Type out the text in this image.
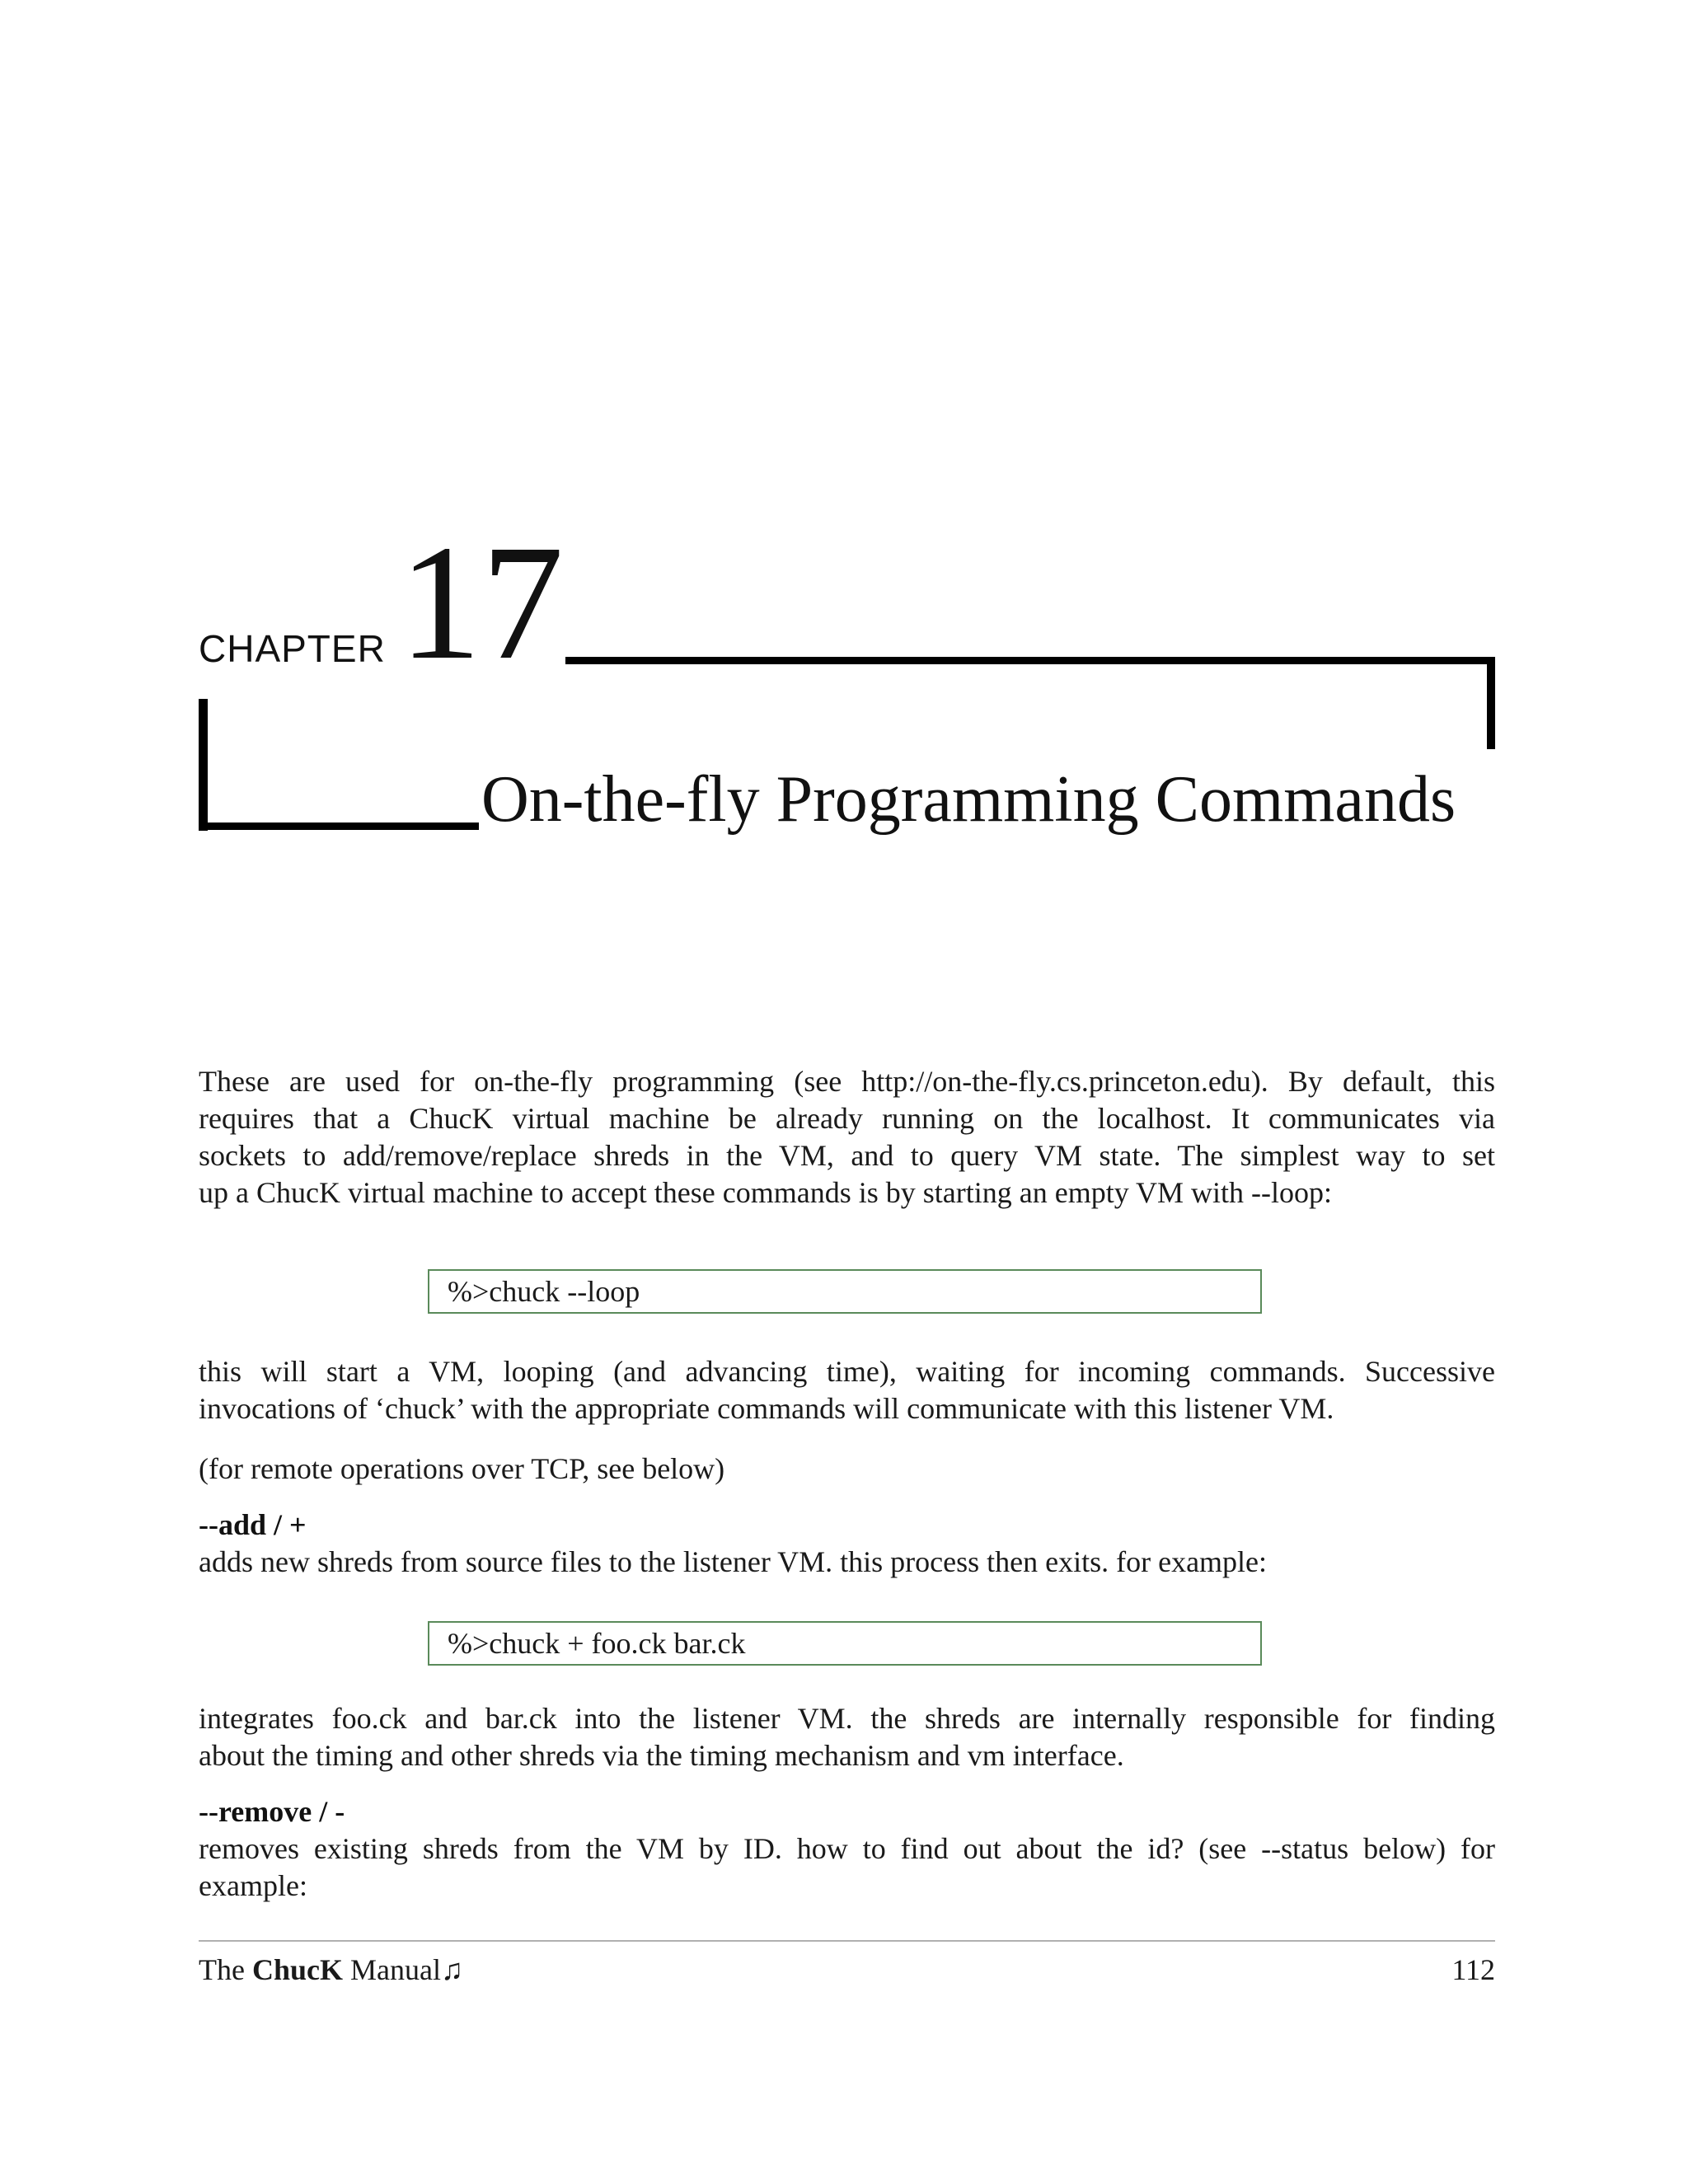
CHAPTER 17
On-the-fly Programming Commands
These are used for on-the-fly programming (see http://on-the-fly.cs.princeton.edu). By default, this
requires that a ChucK virtual machine be already running on the localhost. It communicates via
sockets to add/remove/replace shreds in the VM, and to query VM state. The simplest way to set
up a ChucK virtual machine to accept these commands is by starting an empty VM with --loop:
%>chuck --loop
this will start a VM, looping (and advancing time), waiting for incoming commands. Successive
invocations of ‘chuck’ with the appropriate commands will communicate with this listener VM.
(for remote operations over TCP, see below)
--add / +
adds new shreds from source files to the listener VM. this process then exits. for example:
%>chuck + foo.ck bar.ck
integrates foo.ck and bar.ck into the listener VM. the shreds are internally responsible for finding
about the timing and other shreds via the timing mechanism and vm interface.
--remove / -
removes existing shreds from the VM by ID. how to find out about the id? (see --status below) for
example:
The ChucK Manual♫	112
